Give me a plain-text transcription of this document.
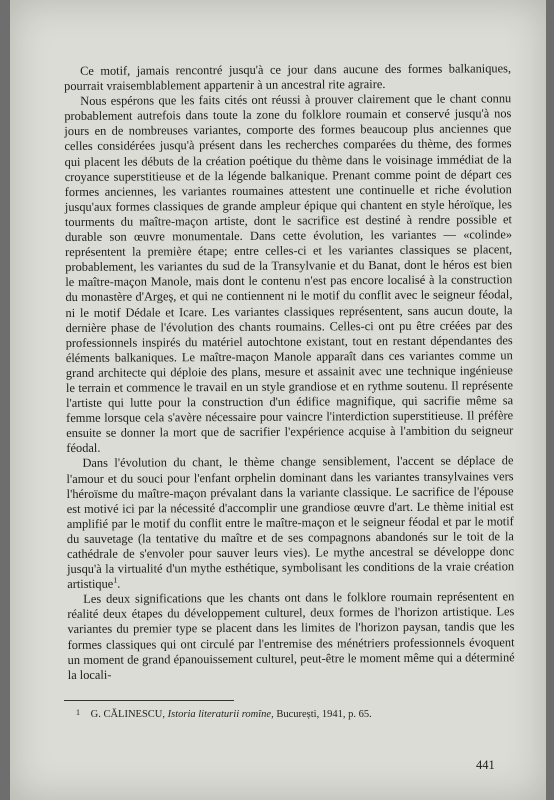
Ce motif, jamais rencontré jusqu'à ce jour dans aucune des formes balkaniques, pourrait vraisemblablement appartenir à un ancestral rite agraire.

Nous espérons que les faits cités ont réussi à prouver clairement que le chant connu probablement autrefois dans toute la zone du folklore roumain et conservé jusqu'à nos jours en de nombreuses variantes, comporte des formes beaucoup plus anciennes que celles considérées jusqu'à présent dans les recherches comparées du thème, des formes qui placent les débuts de la création poétique du thème dans le voisinage immédiat de la croyance superstitieuse et de la légende balkanique. Prenant comme point de départ ces formes anciennes, les variantes roumaines attestent une continuelle et riche évolution jusqu'aux formes classiques de grande ampleur épique qui chantent en style héroïque, les tourments du maître-maçon artiste, dont le sacrifice est destiné à rendre possible et durable son œuvre monumentale. Dans cette évolution, les variantes — «colinde» représentent la première étape; entre celles-ci et les variantes classiques se placent, probablement, les variantes du sud de la Transylvanie et du Banat, dont le héros est bien le maître-maçon Manole, mais dont le contenu n'est pas encore localisé à la construction du monastère d'Argeș, et qui ne contiennent ni le motif du conflit avec le seigneur féodal, ni le motif Dédale et Icare. Les variantes classiques représentent, sans aucun doute, la dernière phase de l'évolution des chants roumains. Celles-ci ont pu être créées par des professionnels inspirés du matériel autochtone existant, tout en restant dépendantes des éléments balkaniques. Le maître-maçon Manole apparaît dans ces variantes comme un grand architecte qui déploie des plans, mesure et assainit avec une technique ingénieuse le terrain et commence le travail en un style grandiose et en rythme soutenu. Il représente l'artiste qui lutte pour la construction d'un édifice magnifique, qui sacrifie même sa femme lorsque cela s'avère nécessaire pour vaincre l'interdiction superstitieuse. Il préfère ensuite se donner la mort que de sacrifier l'expérience acquise à l'ambition du seigneur féodal.

Dans l'évolution du chant, le thème change sensiblement, l'accent se déplace de l'amour et du souci pour l'enfant orphelin dominant dans les variantes transylvaines vers l'héroïsme du maître-maçon prévalant dans la variante classique. Le sacrifice de l'épouse est motivé ici par la nécessité d'accomplir une grandiose œuvre d'art. Le thème initial est amplifié par le motif du conflit entre le maître-maçon et le seigneur féodal et par le motif du sauvetage (la tentative du maître et de ses compagnons abandonés sur le toit de la cathédrale de s'envoler pour sauver leurs vies). Le mythe ancestral se développe donc jusqu'à la virtualité d'un mythe esthétique, symbolisant les conditions de la vraie création artistique$^1$.

Les deux significations que les chants ont dans le folklore roumain représentent en réalité deux étapes du développement culturel, deux formes de l'horizon artistique. Les variantes du premier type se placent dans les limites de l'horizon paysan, tandis que les formes classiques qui ont circulé par l'entremise des ménétriers professionnels évoquent un moment de grand épanouissement culturel, peut-être le moment même qui a déterminé la locali-

1 G. CĂLINESCU, Istoria literaturii romîne, București, 1941, p. 65.
441
